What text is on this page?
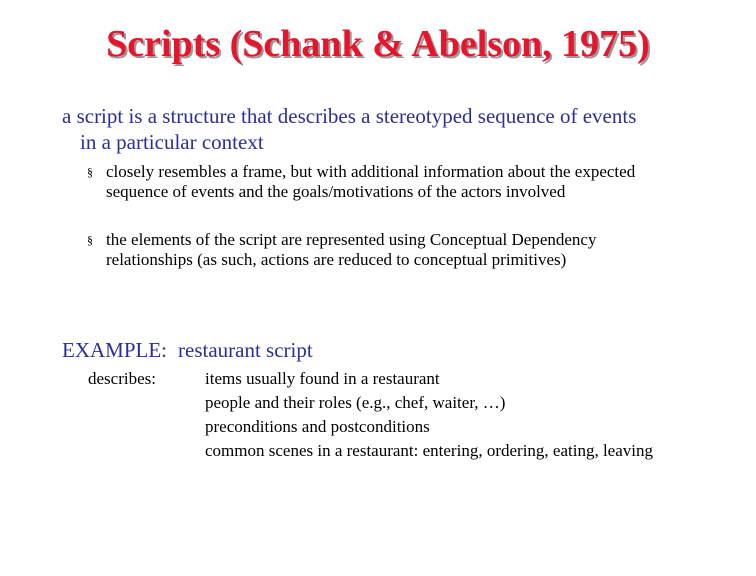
Scripts (Schank & Abelson, 1975)
a script is a structure that describes a stereotyped sequence of events
in a particular context
§ closely resembles a frame, but with additional information about the expected
sequence of events and the goals/motivations of the actors involved
§ the elements of the script are represented using Conceptual Dependency
relationships (as such, actions are reduced to conceptual primitives)
EXAMPLE: restaurant script
describes:	items usually found in a restaurant
people and their roles (e.g., chef, waiter, …)
preconditions and postconditions
common scenes in a restaurant: entering, ordering, eating, leaving
